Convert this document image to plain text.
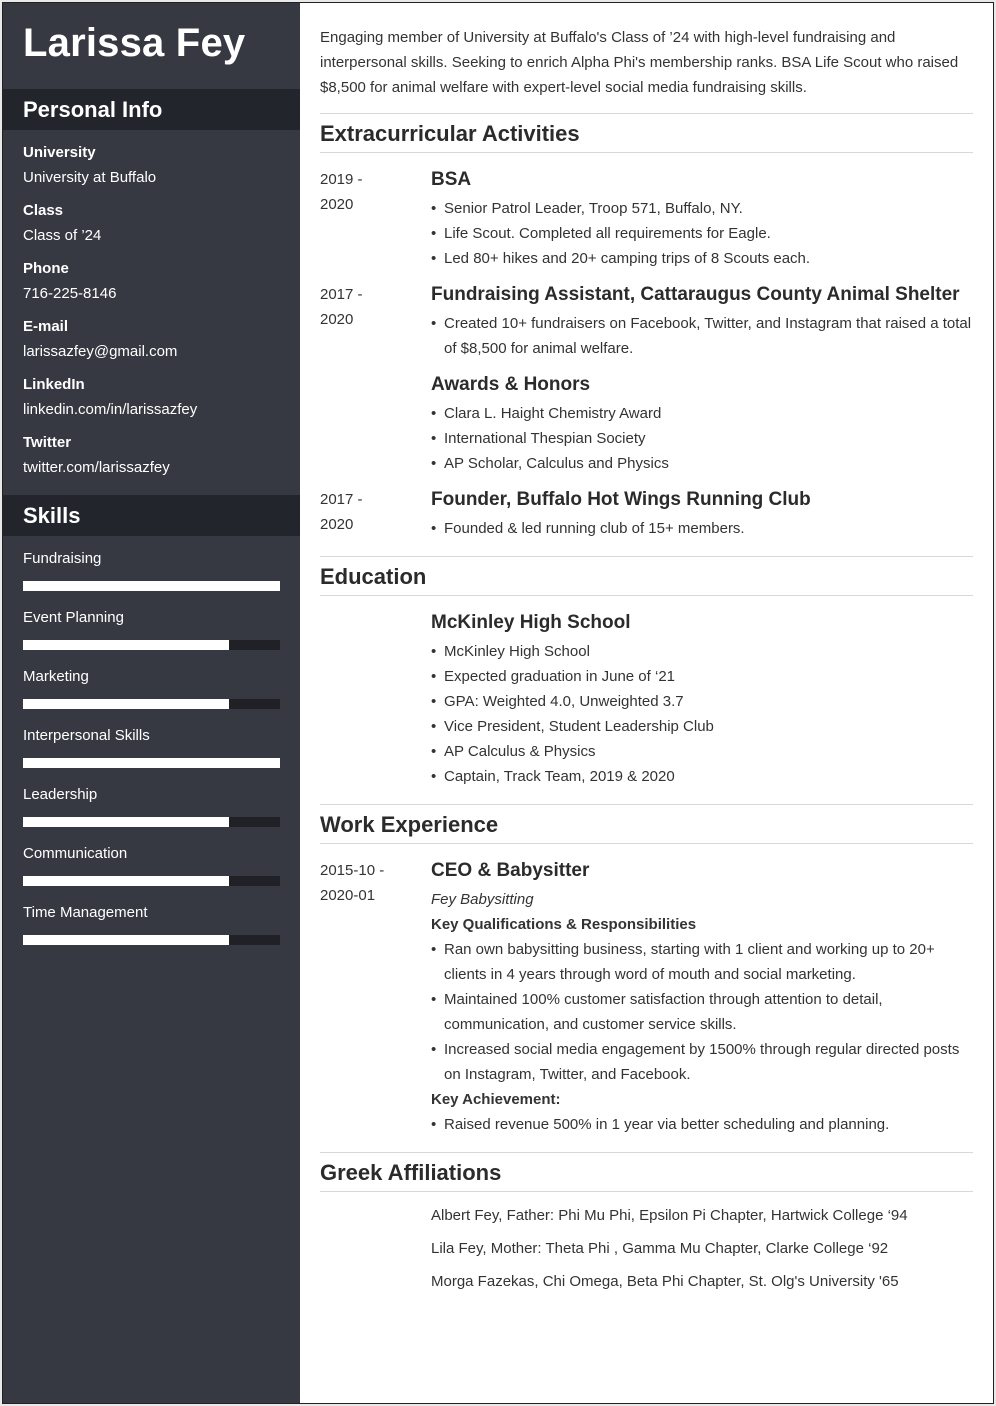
Larissa Fey
Personal Info
University
University at Buffalo
Class
Class of ’24
Phone
716-225-8146
E-mail
larissazfey@gmail.com
LinkedIn
linkedin.com/in/larissazfey
Twitter
twitter.com/larissazfey
Skills
Fundraising
Event Planning
Marketing
Interpersonal Skills
Leadership
Communication
Time Management
Engaging member of University at Buffalo's Class of ’24 with high-level fundraising and interpersonal skills. Seeking to enrich Alpha Phi's membership ranks. BSA Life Scout who raised $8,500 for animal welfare with expert-level social media fundraising skills.
Extracurricular Activities
2019 -
2020
BSA
• Senior Patrol Leader, Troop 571, Buffalo, NY.
• Life Scout. Completed all requirements for Eagle.
• Led 80+ hikes and 20+ camping trips of 8 Scouts each.
2017 -
2020
Fundraising Assistant, Cattaraugus County Animal Shelter
• Created 10+ fundraisers on Facebook, Twitter, and Instagram that raised a total of $8,500 for animal welfare.
Awards & Honors
• Clara L. Haight Chemistry Award
• International Thespian Society
• AP Scholar, Calculus and Physics
2017 -
2020
Founder, Buffalo Hot Wings Running Club
• Founded & led running club of 15+ members.
Education
McKinley High School
• McKinley High School
• Expected graduation in June of ‘21
• GPA: Weighted 4.0, Unweighted 3.7
• Vice President, Student Leadership Club
• AP Calculus & Physics
• Captain, Track Team, 2019 & 2020
Work Experience
2015-10 -
2020-01
CEO & Babysitter
Fey Babysitting
Key Qualifications & Responsibilities
• Ran own babysitting business, starting with 1 client and working up to 20+ clients in 4 years through word of mouth and social marketing.
• Maintained 100% customer satisfaction through attention to detail, communication, and customer service skills.
• Increased social media engagement by 1500% through regular directed posts on Instagram, Twitter, and Facebook.
Key Achievement:
• Raised revenue 500% in 1 year via better scheduling and planning.
Greek Affiliations

Albert Fey, Father: Phi Mu Phi, Epsilon Pi Chapter, Hartwick College ‘94

Lila Fey, Mother: Theta Phi , Gamma Mu Chapter, Clarke College ‘92

Morga Fazekas, Chi Omega, Beta Phi Chapter, St. Olg's University '65
